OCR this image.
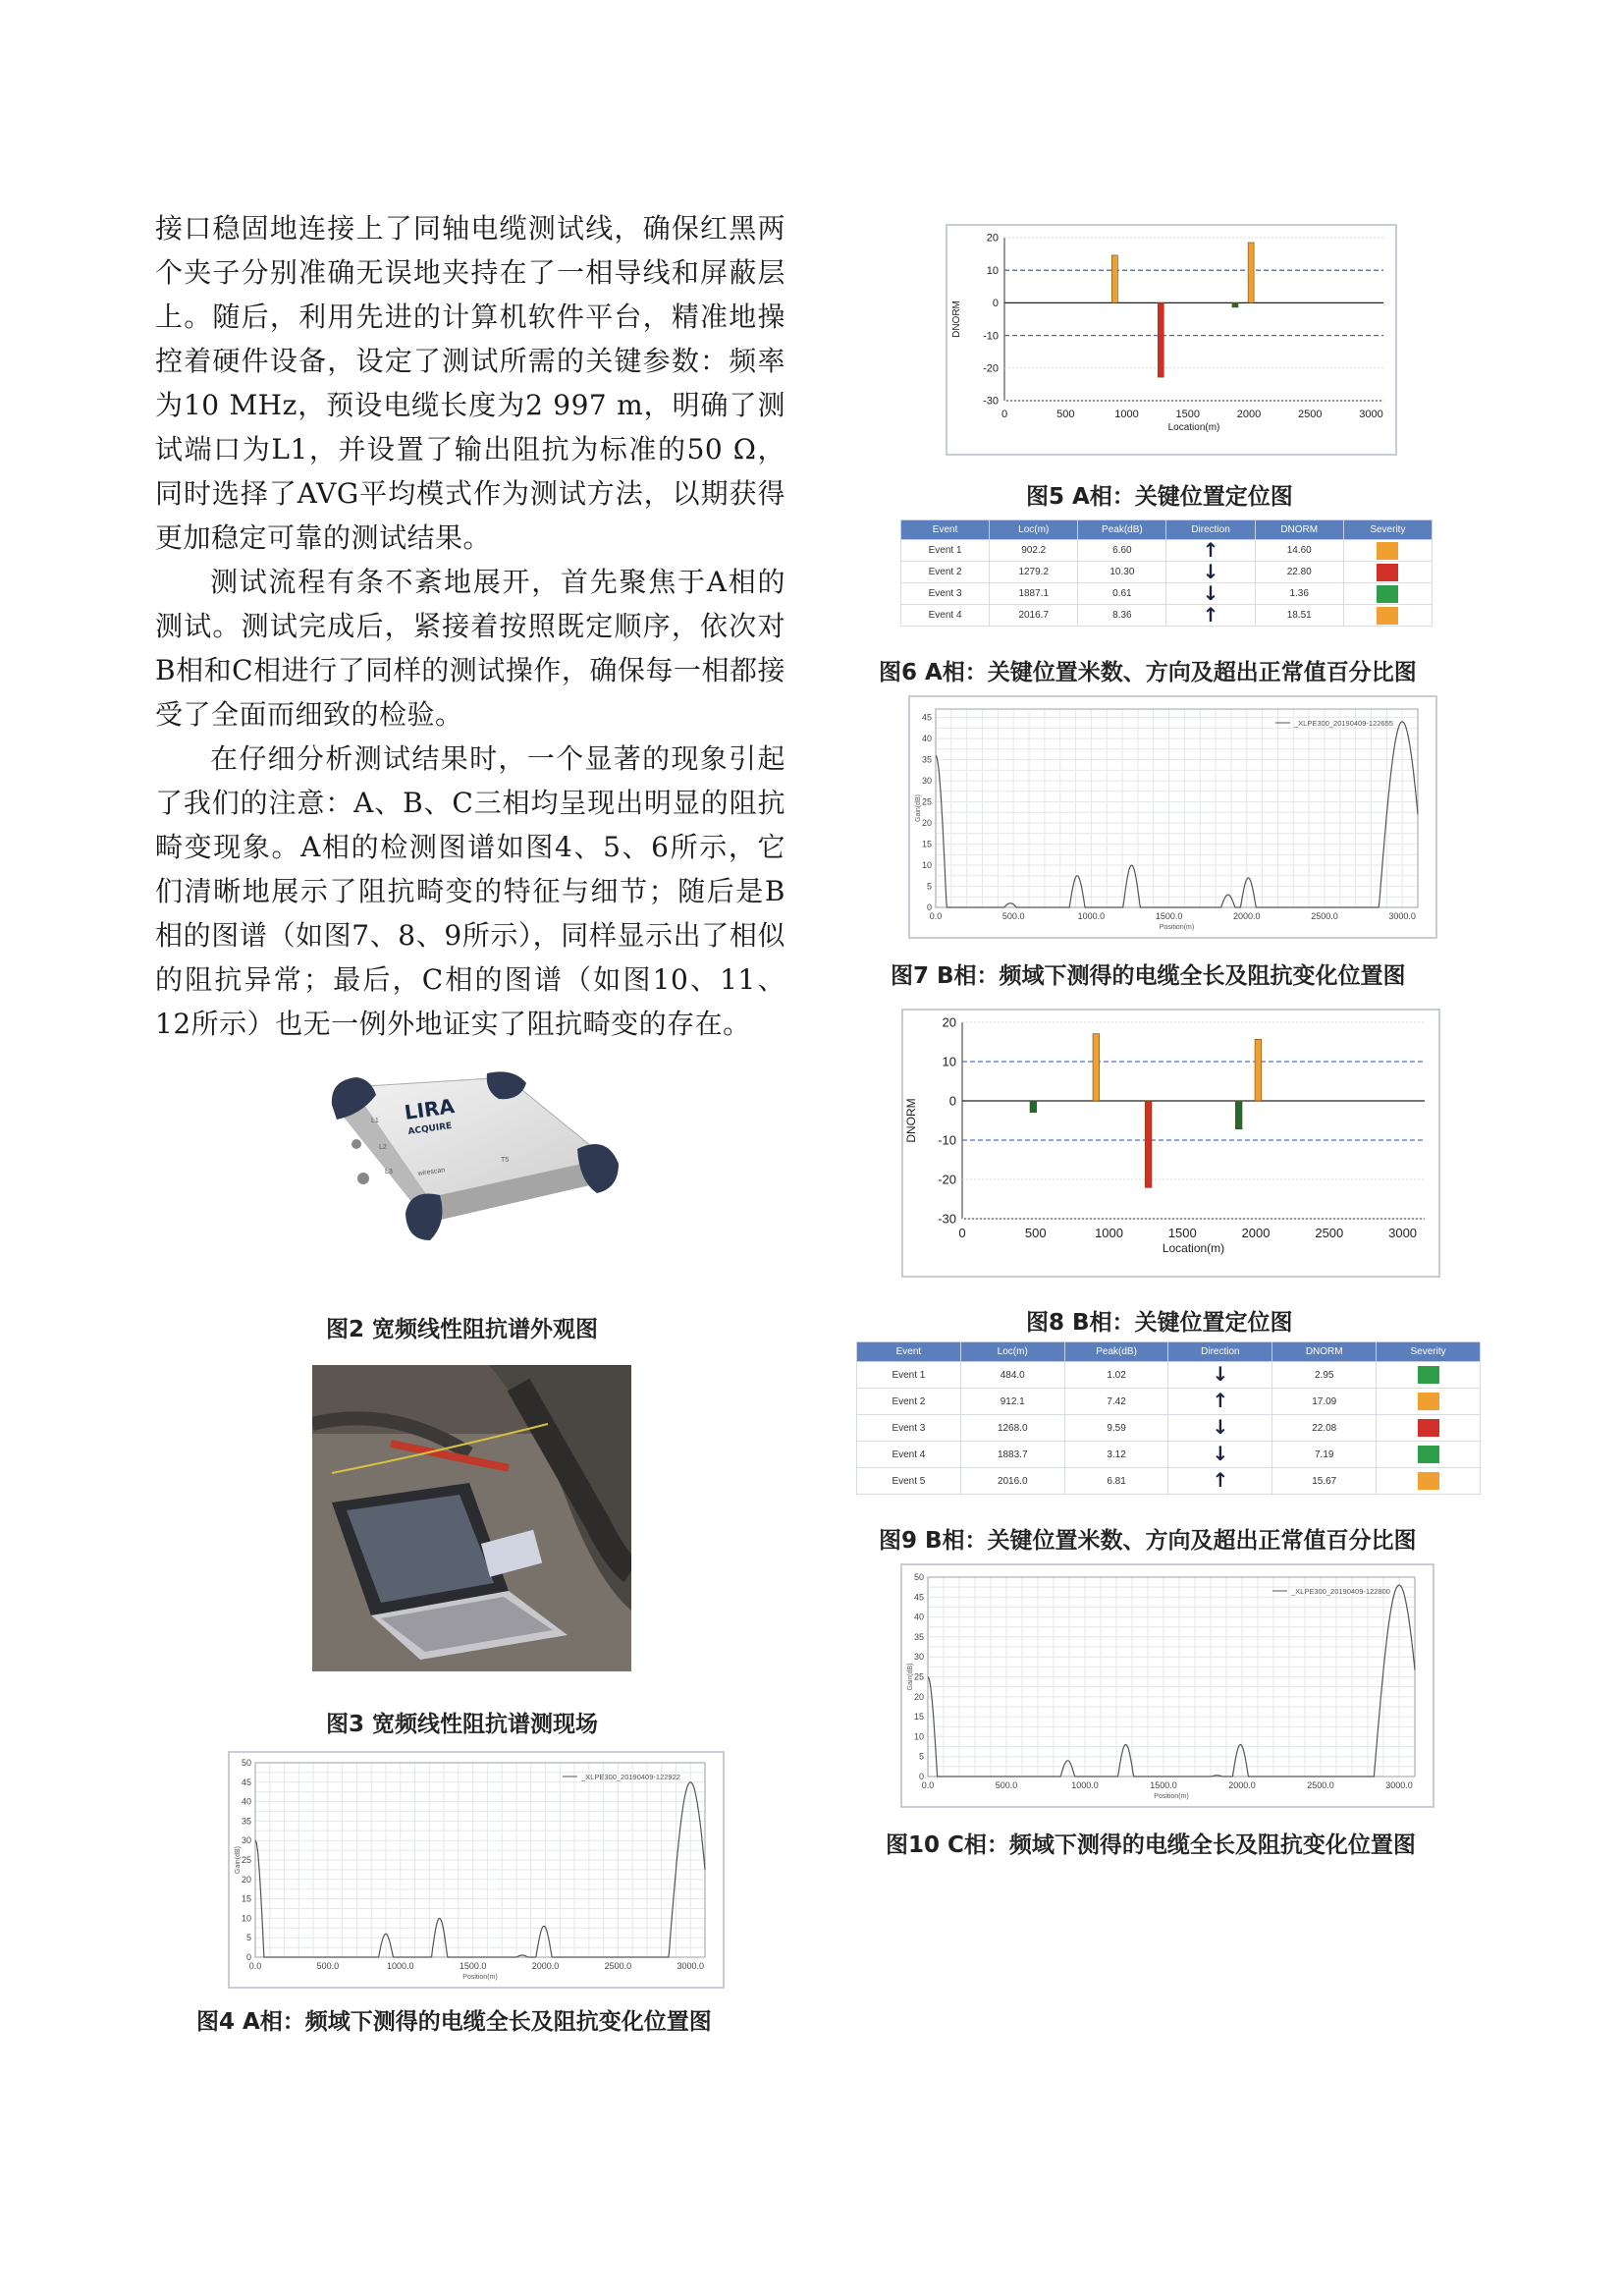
接口稳固地连接上了同轴电缆测试线，确保红黑两个夹子分别准确无误地夹持在了一相导线和屏蔽层上。随后，利用先进的计算机软件平台，精准地操控着硬件设备，设定了测试所需的关键参数：频率为10 MHz，预设电缆长度为2 997 m，明确了测试端口为L1，并设置了输出阻抗为标准的50 Ω，同时选择了AVG平均模式作为测试方法，以期获得更加稳定可靠的测试结果。

测试流程有条不紊地展开，首先聚焦于A相的测试。测试完成后，紧接着按照既定顺序，依次对B相和C相进行了同样的测试操作，确保每一相都接受了全面而细致的检验。

在仔细分析测试结果时，一个显著的现象引起了我们的注意：A、B、C三相均呈现出明显的阻抗畸变现象。A相的检测图谱如图4、5、6所示，它们清晰地展示了阻抗畸变的特征与细节；随后是B相的图谱（如图7、8、9所示），同样显示出了相似的阻抗异常；最后，C相的图谱（如图10、11、12所示）也无一例外地证实了阻抗畸变的存在。

LIRA
ACQUIRE
L1
L2
L3
T5
wirescan
图2 宽频线性阻抗谱外观图
图3 宽频线性阻抗谱测现场
0
5
10
15
20
25
30
35
40
45
50
0.0	500.0	1000.0	1500.0	2000.0	2500.0	3000.0
Position(m)
Gain(dB)
_XLPE300_20190409-122922
图4 A相：频域下测得的电缆全长及阻抗变化位置图
0
5
10
15
20
25
30
35
40
45
0.0	500.0	1000.0	1500.0	2000.0	2500.0	3000.0
Position(m)
Gain(dB)
_XLPE300_20190409-122655
图7 B相：频域下测得的电缆全长及阻抗变化位置图
0
5
10
15
20
25
30
35
40
45
50
0.0	500.0	1000.0	1500.0	2000.0	2500.0	3000.0
Position(m)
Gain(dB)
_XLPE300_20190409-122800
图10 C相：频域下测得的电缆全长及阻抗变化位置图
20
10
0
-10
-20
-30
0	500	1000	1500	2000	2500	3000
Location(m)
DNORM
图5 A相：关键位置定位图
20
10
0
-10
-20
-30
0	500	1000	1500	2000	2500	3000
Location(m)
DNORM
图8 B相：关键位置定位图
Event	Loc(m)	Peak(dB)	Direction	DNORM	Severity
Event 1	902.2	6.60	↑	14.60	
Event 2	1279.2	10.30	↓	22.80	
Event 3	1887.1	0.61	↓	1.36	
Event 4	2016.7	8.36	↑	18.51	
图6 A相：关键位置米数、方向及超出正常值百分比图
Event	Loc(m)	Peak(dB)	Direction	DNORM	Severity
Event 1	484.0	1.02	↓	2.95	
Event 2	912.1	7.42	↑	17.09	
Event 3	1268.0	9.59	↓	22.08	
Event 4	1883.7	3.12	↓	7.19	
Event 5	2016.0	6.81	↑	15.67	
图9 B相：关键位置米数、方向及超出正常值百分比图
